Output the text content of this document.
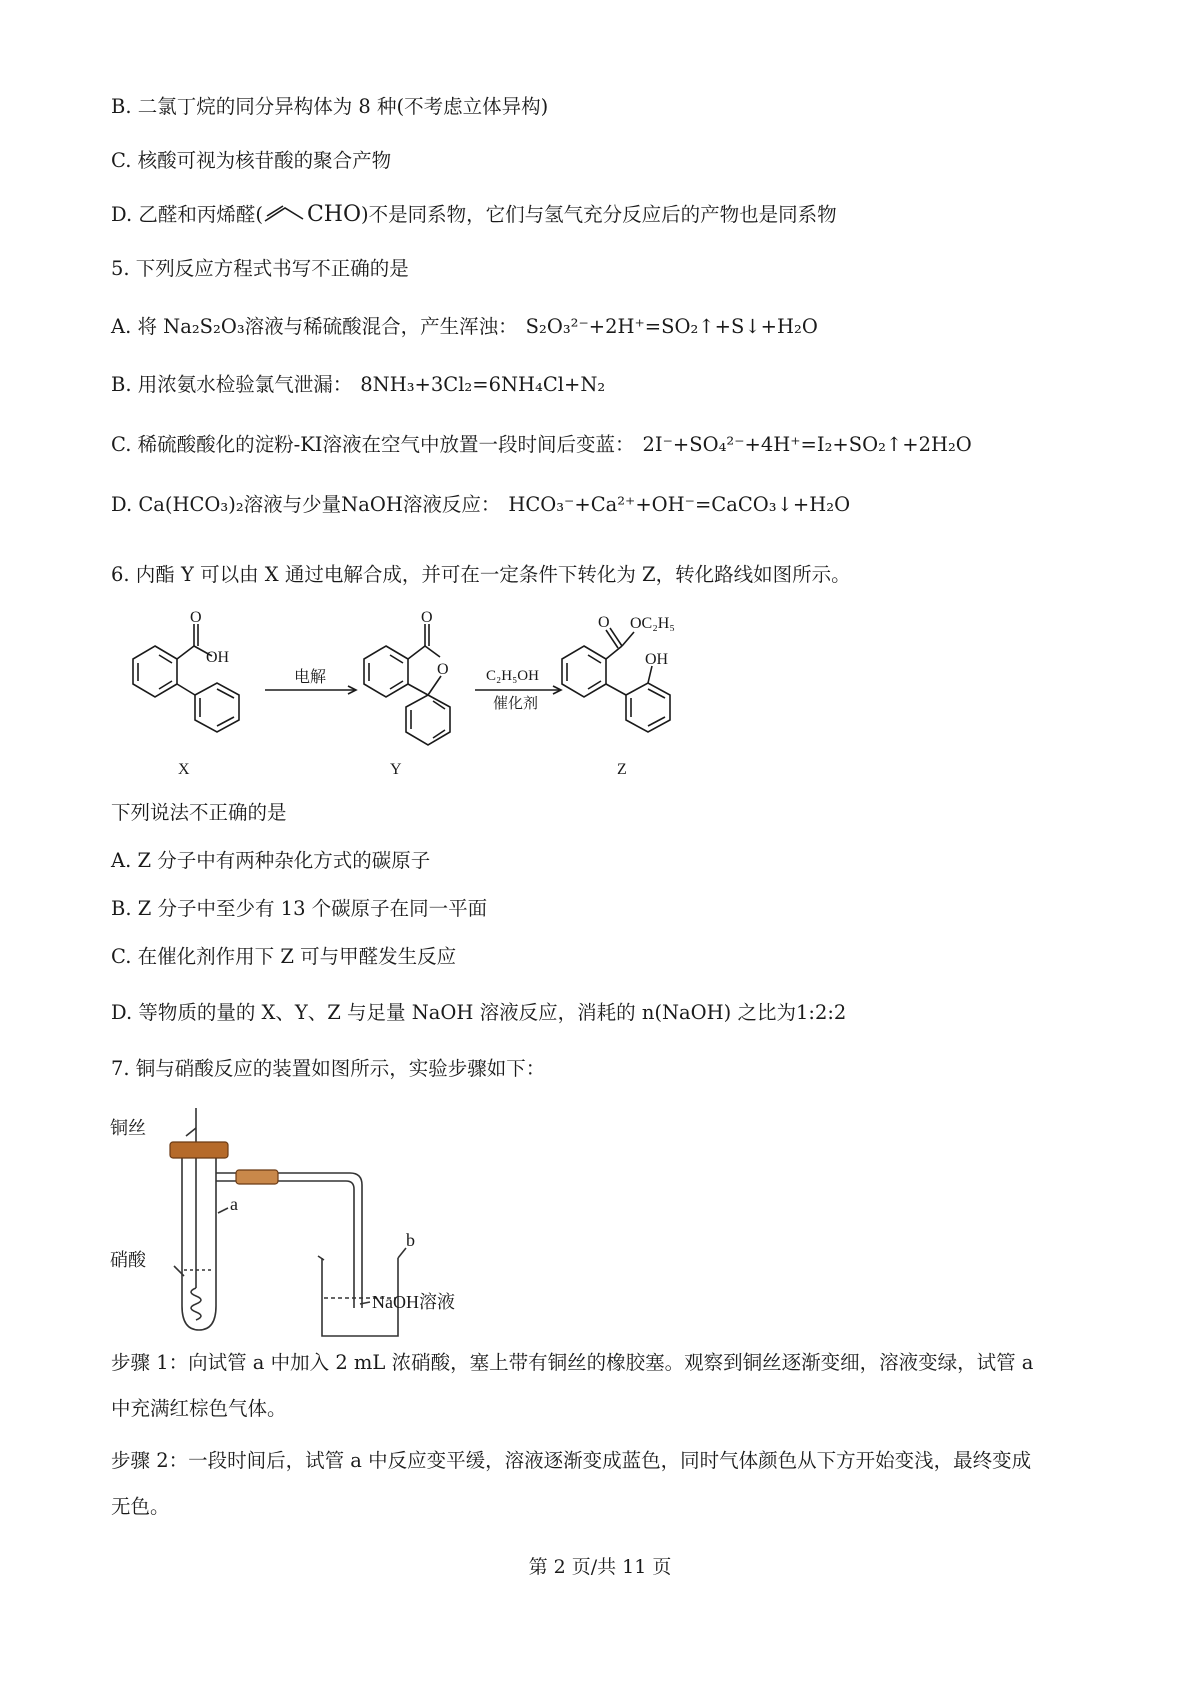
B. 二氯丁烷的同分异构体为 8 种(不考虑立体异构)
C. 核酸可视为核苷酸的聚合产物
D. 乙醛和丙烯醛( CHO)不是同系物，它们与氢气充分反应后的产物也是同系物
5. 下列反应方程式书写不正确的是
A. 将 Na₂S₂O₃溶液与稀硫酸混合，产生浑浊： S₂O₃²⁻+2H⁺=SO₂↑+S↓+H₂O
B. 用浓氨水检验氯气泄漏： 8NH₃+3Cl₂=6NH₄Cl+N₂
C. 稀硫酸酸化的淀粉-KI溶液在空气中放置一段时间后变蓝： 2I⁻+SO₄²⁻+4H⁺=I₂+SO₂↑+2H₂O
D. Ca(HCO₃)₂溶液与少量NaOH溶液反应： HCO₃⁻+Ca²⁺+OH⁻=CaCO₃↓+H₂O
6. 内酯 Y 可以由 X 通过电解合成，并可在一定条件下转化为 Z，转化路线如图所示。
O
OH
O
O
O OC₂H₅
OH
电解	C₂H₅OH
催化剂
X	Y	Z
下列说法不正确的是
A. Z 分子中有两种杂化方式的碳原子
B. Z 分子中至少有 13 个碳原子在同一平面
C. 在催化剂作用下 Z 可与甲醛发生反应
D. 等物质的量的 X、Y、Z 与足量 NaOH 溶液反应，消耗的 n(NaOH) 之比为1:2:2
7. 铜与硝酸反应的装置如图所示，实验步骤如下：
铜丝
a
硝酸
b
NaOH溶液
步骤 1：向试管 a 中加入 2 mL 浓硝酸，塞上带有铜丝的橡胶塞。观察到铜丝逐渐变细，溶液变绿，试管 a
中充满红棕色气体。
步骤 2：一段时间后，试管 a 中反应变平缓，溶液逐渐变成蓝色，同时气体颜色从下方开始变浅，最终变成
无色。
第 2 页/共 11 页
